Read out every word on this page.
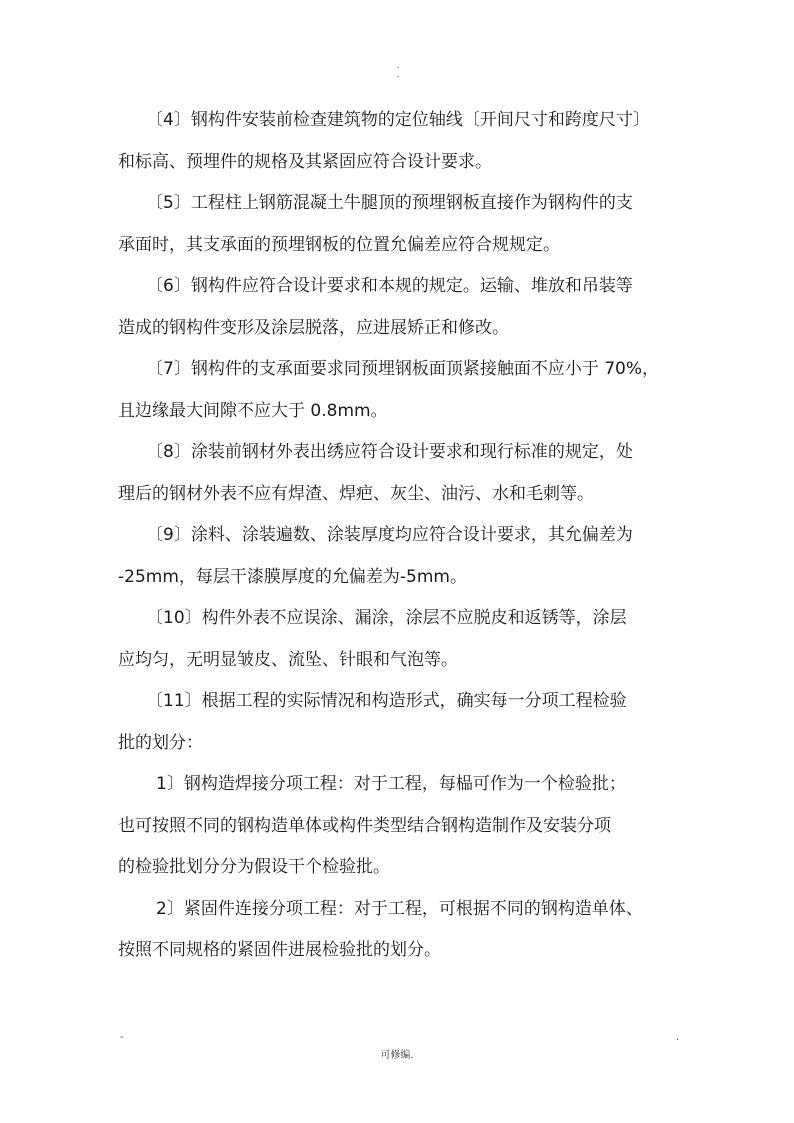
. .
〔4〕钢构件安装前检查建筑物的定位轴线〔开间尺寸和跨度尺寸〕
和标高、预埋件的规格及其紧固应符合设计要求。
〔5〕工程柱上钢筋混凝土牛腿顶的预埋钢板直接作为钢构件的支
承面时，其支承面的预埋钢板的位置允偏差应符合规规定。
〔6〕钢构件应符合设计要求和本规的规定。运输、堆放和吊装等
造成的钢构件变形及涂层脱落，应进展矫正和修改。
〔7〕钢构件的支承面要求同预埋钢板面顶紧接触面不应小于 70%，
且边缘最大间隙不应大于 0.8mm。
〔8〕涂装前钢材外表出绣应符合设计要求和现行标准的规定，处
理后的钢材外表不应有焊渣、焊疤、灰尘、油污、水和毛刺等。
〔9〕涂料、涂装遍数、涂装厚度均应符合设计要求，其允偏差为
-25mm，每层干漆膜厚度的允偏差为-5mm。
〔10〕构件外表不应误涂、漏涂，涂层不应脱皮和返锈等，涂层
应均匀，无明显皱皮、流坠、针眼和气泡等。
〔11〕根据工程的实际情况和构造形式，确实每一分项工程检验
批的划分：
1〕钢构造焊接分项工程：对于工程，每榀可作为一个检验批；
也可按照不同的钢构造单体或构件类型结合钢构造制作及安装分项
的检验批划分分为假设干个检验批。
2〕紧固件连接分项工程：对于工程，可根据不同的钢构造单体、
按照不同规格的紧固件进展检验批的划分。
-	.
可修编.
